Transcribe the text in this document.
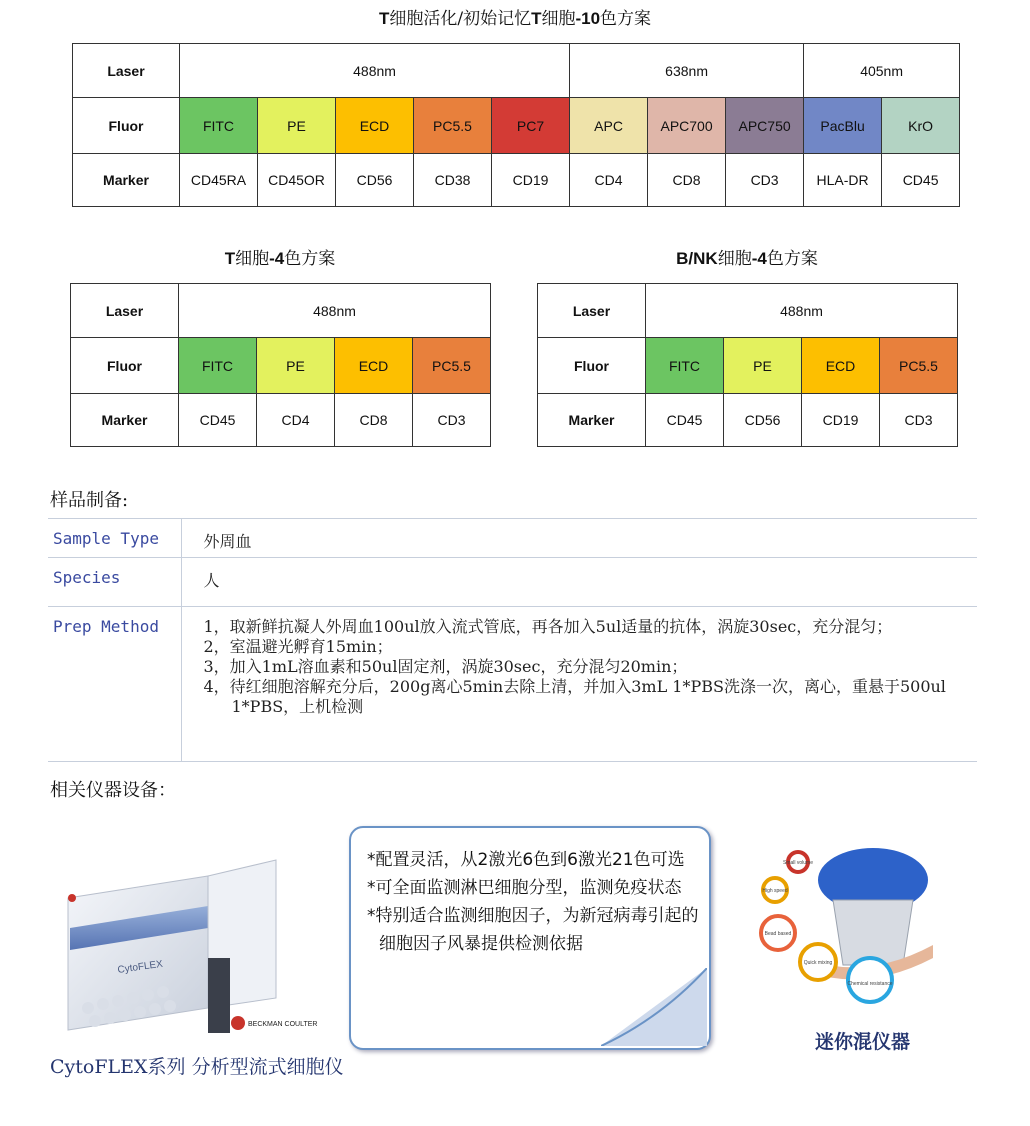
T细胞活化/初始记忆T细胞-10色方案
Laser	488nm					638nm			405nm	
Fluor	FITC	PE	ECD	PC5.5	PC7	APC	APC700	APC750	PacBlu	KrO
Marker	CD45RA	CD45OR	CD56	CD38	CD19	CD4	CD8	CD3	HLA-DR	CD45
T细胞-4色方案
Laser	488nm			
Fluor	FITC	PE	ECD	PC5.5
Marker	CD45	CD4	CD8	CD3
B/NK细胞-4色方案
Laser	488nm			
Fluor	FITC	PE	ECD	PC5.5
Marker	CD45	CD56	CD19	CD3
样品制备:
Sample Type	外周血
Species	人
Prep Method	1，取新鲜抗凝人外周血100ul放入流式管底，再各加入5ul适量的抗体，涡旋30sec，充分混匀；

2，室温避光孵育15min；

3，加入1mL溶血素和50ul固定剂，涡旋30sec，充分混匀20min；

4，待红细胞溶解充分后，200g离心5min去除上清，并加入3mL 1*PBS洗涤一次，离心，重悬于500ul 1*PBS，上机检测

相关仪器设备：
CytoFLEX
BECKMAN COULTER

*配置灵活，从2激光6色到6激光21色可选

*可全面监测淋巴细胞分型，监测免疫状态

*特别适合监测细胞因子，为新冠病毒引起的细胞因子风暴提供检测依据

CytoFLEX系列 分析型流式细胞仪
Small volume
High speed
Bead based
Quick mixing
Chemical resistance
迷你混仪器
